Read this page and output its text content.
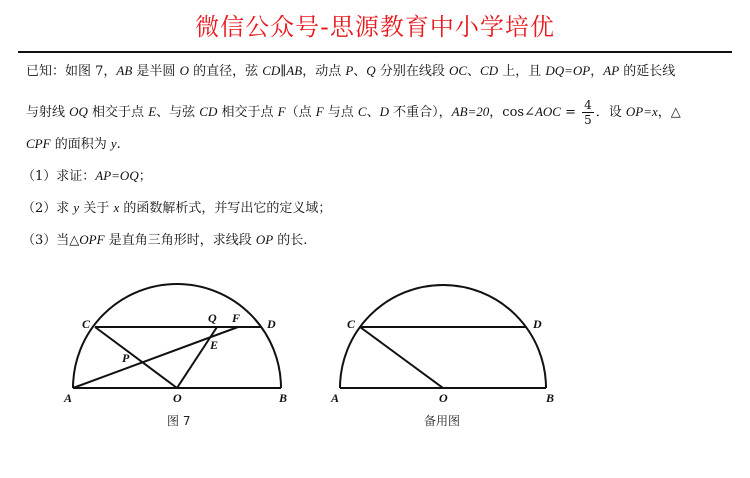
微信公众号-思源教育中小学培优
已知：如图 7，AB 是半圆 O 的直径，弦 CD∥AB，动点 P、Q 分别在线段 OC、CD 上，且 DQ=OP，AP 的延长线
与射线 OQ 相交于点 E、与弦 CD 相交于点 F（点 F 与点 C、D 不重合），AB=20，cos∠AOC = $\frac{4}{5}$ ．设 OP=x，△
CPF 的面积为 y.
（1）求证：AP=OQ；
（2）求 y 关于 x 的函数解析式，并写出它的定义域；
（3）当△OPF 是直角三角形时，求线段 OP 的长.
A	O	B
C	D
Q F
E
P
图 7
A	O	B
C	D
备用图
